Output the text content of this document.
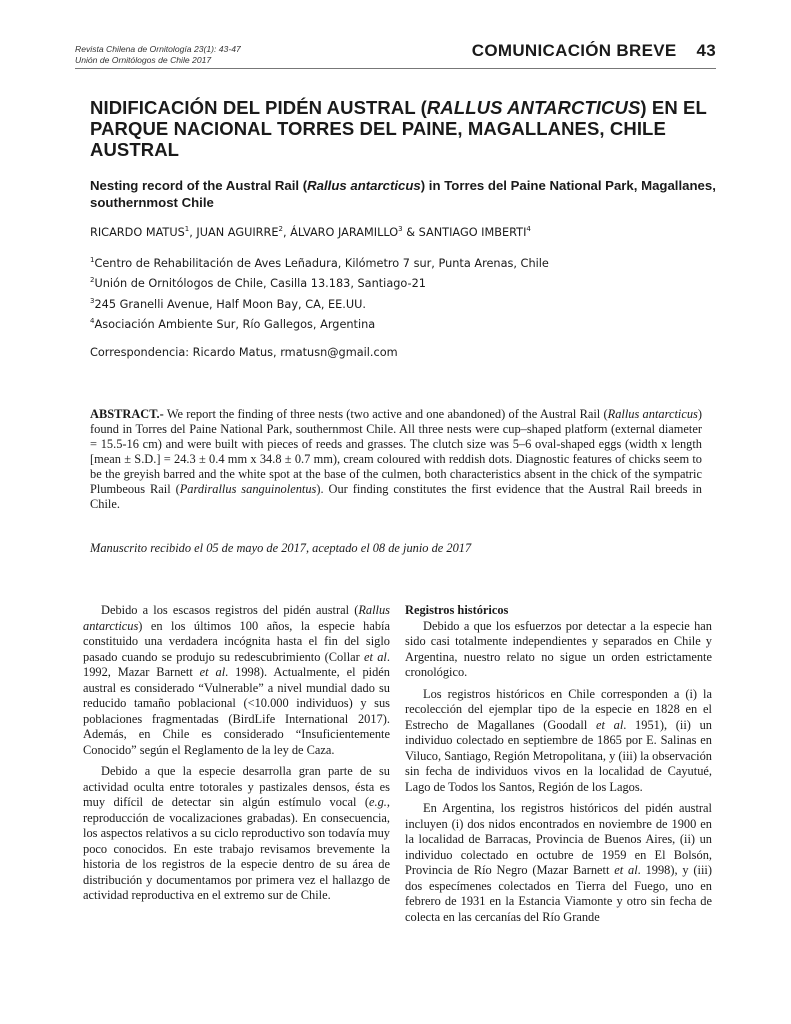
Revista Chilena de Ornitología 23(1): 43-47
Unión de Ornitólogos de Chile 2017	COMUNICACIÓN BREVE 43
NIDIFICACIÓN DEL PIDÉN AUSTRAL (RALLUS ANTARCTICUS) EN EL PARQUE NACIONAL TORRES DEL PAINE, MAGALLANES, CHILE AUSTRAL
Nesting record of the Austral Rail (Rallus antarcticus) in Torres del Paine National Park, Magallanes, southernmost Chile
RICARDO MATUS$^1$, JUAN AGUIRRE$^2$, ÁLVARO JARAMILLO$^3$ & SANTIAGO IMBERTI$^4$
$^1$Centro de Rehabilitación de Aves Leñadura, Kilómetro 7 sur, Punta Arenas, Chile
$^2$Unión de Ornitólogos de Chile, Casilla 13.183, Santiago-21
$^3$245 Granelli Avenue, Half Moon Bay, CA, EE.UU.
$^4$Asociación Ambiente Sur, Río Gallegos, Argentina
Correspondencia: Ricardo Matus, rmatusn@gmail.com
ABSTRACT.- We report the finding of three nests (two active and one abandoned) of the Austral Rail (Rallus antarcticus) found in Torres del Paine National Park, southernmost Chile. All three nests were cup–shaped platform (external diameter = 15.5-16 cm) and were built with pieces of reeds and grasses. The clutch size was 5–6 oval-shaped eggs (width x length [mean ± S.D.] = 24.3 ± 0.4 mm x 34.8 ± 0.7 mm), cream coloured with reddish dots. Diagnostic features of chicks seem to be the greyish barred and the white spot at the base of the culmen, both characteristics absent in the chick of the sympatric Plumbeous Rail (Pardirallus sanguinolentus). Our finding constitutes the first evidence that the Austral Rail breeds in Chile.
Manuscrito recibido el 05 de mayo de 2017, aceptado el 08 de junio de 2017

Debido a los escasos registros del pidén austral (Rallus antarcticus) en los últimos 100 años, la especie había constituido una verdadera incógnita hasta el fin del siglo pasado cuando se produjo su redescubrimiento (Collar et al. 1992, Mazar Barnett et al. 1998). Actualmente, el pidén austral es considerado “Vulnerable” a nivel mundial dado su reducido tamaño poblacional (<10.000 individuos) y sus poblaciones fragmentadas (BirdLife International 2017). Además, en Chile es considerado “Insuficientemente Conocido” según el Reglamento de la ley de Caza.

Debido a que la especie desarrolla gran parte de su actividad oculta entre totorales y pastizales densos, ésta es muy difícil de detectar sin algún estímulo vocal (e.g., reproducción de vocalizaciones grabadas). En consecuencia, los aspectos relativos a su ciclo reproductivo son todavía muy poco conocidos. En este trabajo revisamos brevemente la historia de los registros de la especie dentro de su área de distribución y documentamos por primera vez el hallazgo de actividad reproductiva en el extremo sur de Chile.

Registros históricos

Debido a que los esfuerzos por detectar a la especie han sido casi totalmente independientes y separados en Chile y Argentina, nuestro relato no sigue un orden estrictamente cronológico.

Los registros históricos en Chile corresponden a (i) la recolección del ejemplar tipo de la especie en 1828 en el Estrecho de Magallanes (Goodall et al. 1951), (ii) un individuo colectado en septiembre de 1865 por E. Salinas en Vilucо, Santiago, Región Metropolitana, y (iii) la observación sin fecha de individuos vivos en la localidad de Cayutué, Lago de Todos los Santos, Región de los Lagos.

En Argentina, los registros históricos del pidén austral incluyen (i) dos nidos encontrados en noviembre de 1900 en la localidad de Barracas, Provincia de Buenos Aires, (ii) un individuo colectado en octubre de 1959 en El Bolsón, Provincia de Río Negro (Mazar Barnett et al. 1998), y (iii) dos especímenes colectados en Tierra del Fuego, uno en febrero de 1931 en la Estancia Viamonte y otro sin fecha de colecta en las cercanías del Río Grande
